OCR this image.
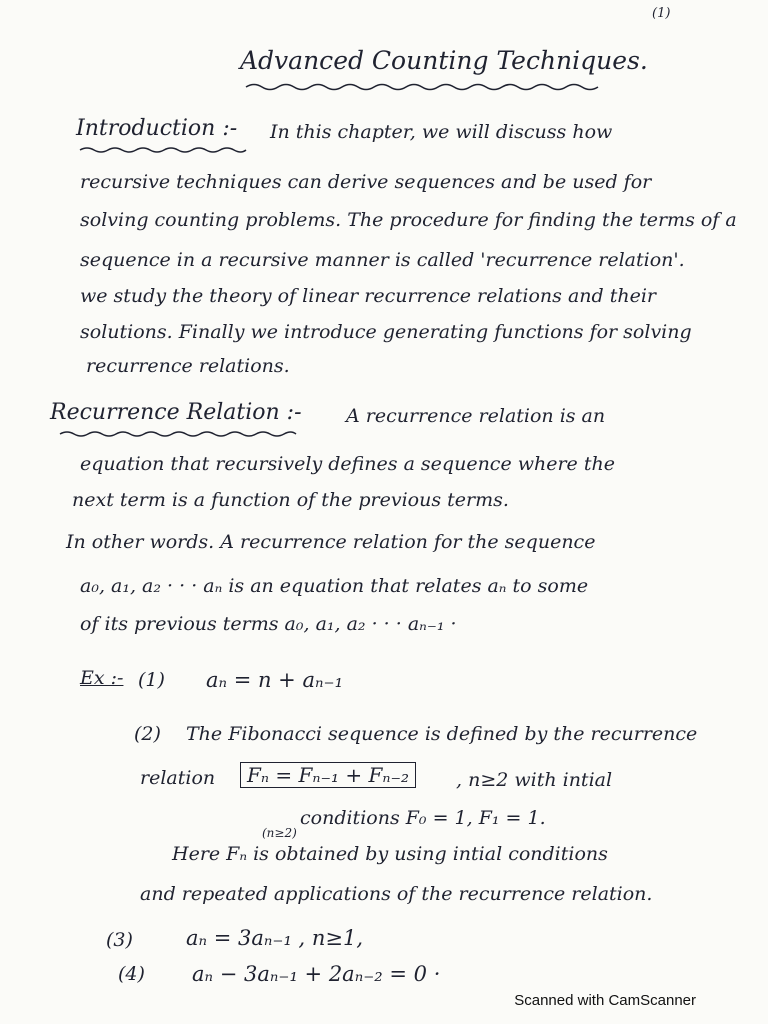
(1)
Advanced Counting Techniques.
Introduction :- In this chapter, we will discuss how
recursive techniques can derive sequences and be used for
solving counting problems. The procedure for finding the terms of a
sequence in a recursive manner is called 'recurrence relation'.
we study the theory of linear recurrence relations and their
solutions. Finally we introduce generating functions for solving
recurrence relations.
Recurrence Relation :- A recurrence relation is an
equation that recursively defines a sequence where the
next term is a function of the previous terms.
In other words. A recurrence relation for the sequence
a₀, a₁, a₂ · · · aₙ is an equation that relates aₙ to some
of its previous terms a₀, a₁, a₂ · · · aₙ₋₁ ·
Ex :- (1) aₙ = n + aₙ₋₁
(2) The Fibonacci sequence is defined by the recurrence
relation	Fₙ = Fₙ₋₁ + Fₙ₋₂	, n≥2 with intial
conditions F₀ = 1, F₁ = 1.
(n≥2)
Here Fₙ is obtained by using intial conditions
and repeated applications of the recurrence relation.
(3)	aₙ = 3aₙ₋₁ , n≥1,
(4) aₙ − 3aₙ₋₁ + 2aₙ₋₂ = 0 ·
Scanned with CamScanner
